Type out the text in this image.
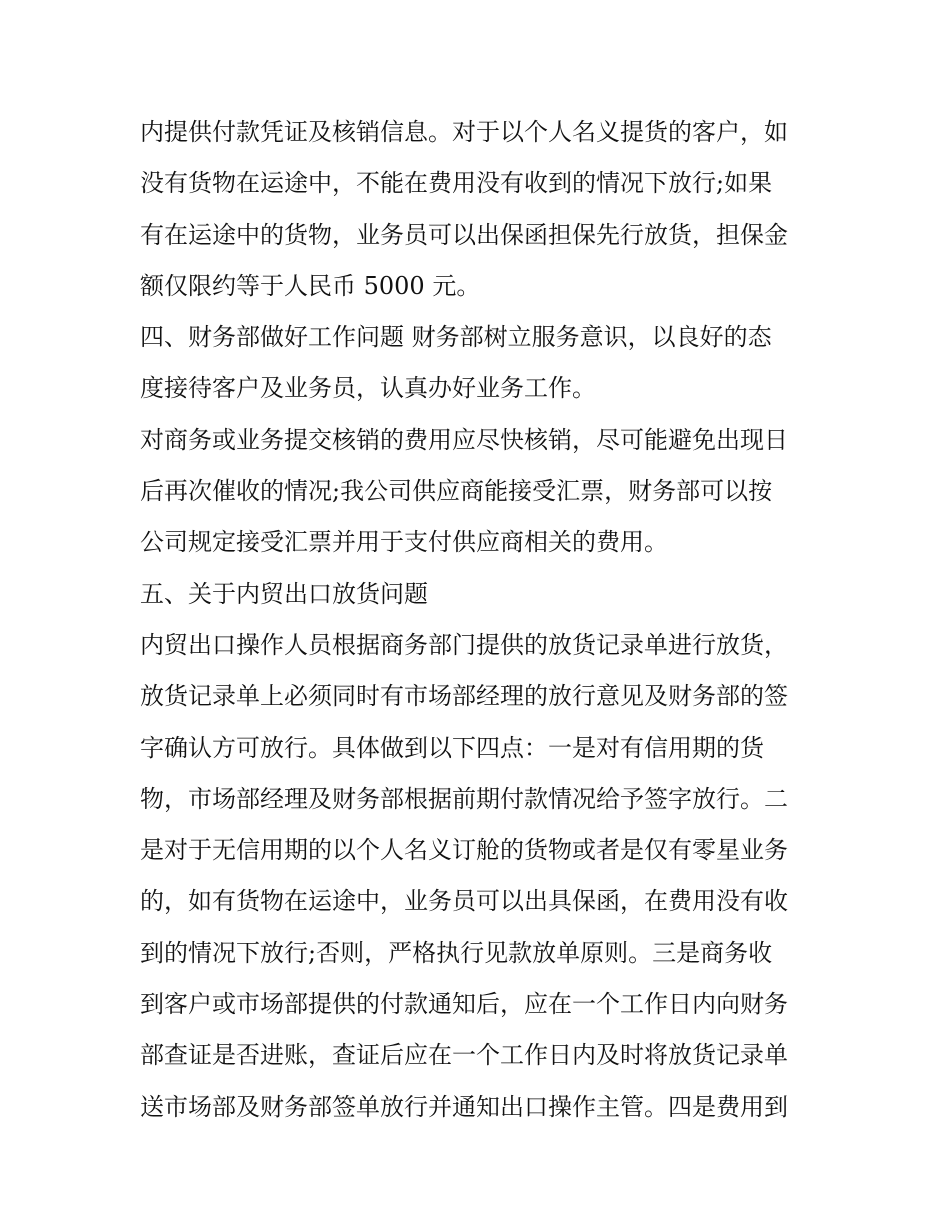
内提供付款凭证及核销信息。对于以个人名义提货的客户，如
没有货物在运途中，不能在费用没有收到的情况下放行;如果
有在运途中的货物，业务员可以出保函担保先行放货，担保金
额仅限约等于人民币 5000 元。
四、财务部做好工作问题 财务部树立服务意识，以良好的态
度接待客户及业务员，认真办好业务工作。
对商务或业务提交核销的费用应尽快核销，尽可能避免出现日
后再次催收的情况;我公司供应商能接受汇票，财务部可以按
公司规定接受汇票并用于支付供应商相关的费用。
五、关于内贸出口放货问题
内贸出口操作人员根据商务部门提供的放货记录单进行放货，
放货记录单上必须同时有市场部经理的放行意见及财务部的签
字确认方可放行。具体做到以下四点：一是对有信用期的货
物，市场部经理及财务部根据前期付款情况给予签字放行。二
是对于无信用期的以个人名义订舱的货物或者是仅有零星业务
的，如有货物在运途中，业务员可以出具保函，在费用没有收
到的情况下放行;否则，严格执行见款放单原则。三是商务收
到客户或市场部提供的付款通知后，应在一个工作日内向财务
部查证是否进账，查证后应在一个工作日内及时将放货记录单
送市场部及财务部签单放行并通知出口操作主管。四是费用到
